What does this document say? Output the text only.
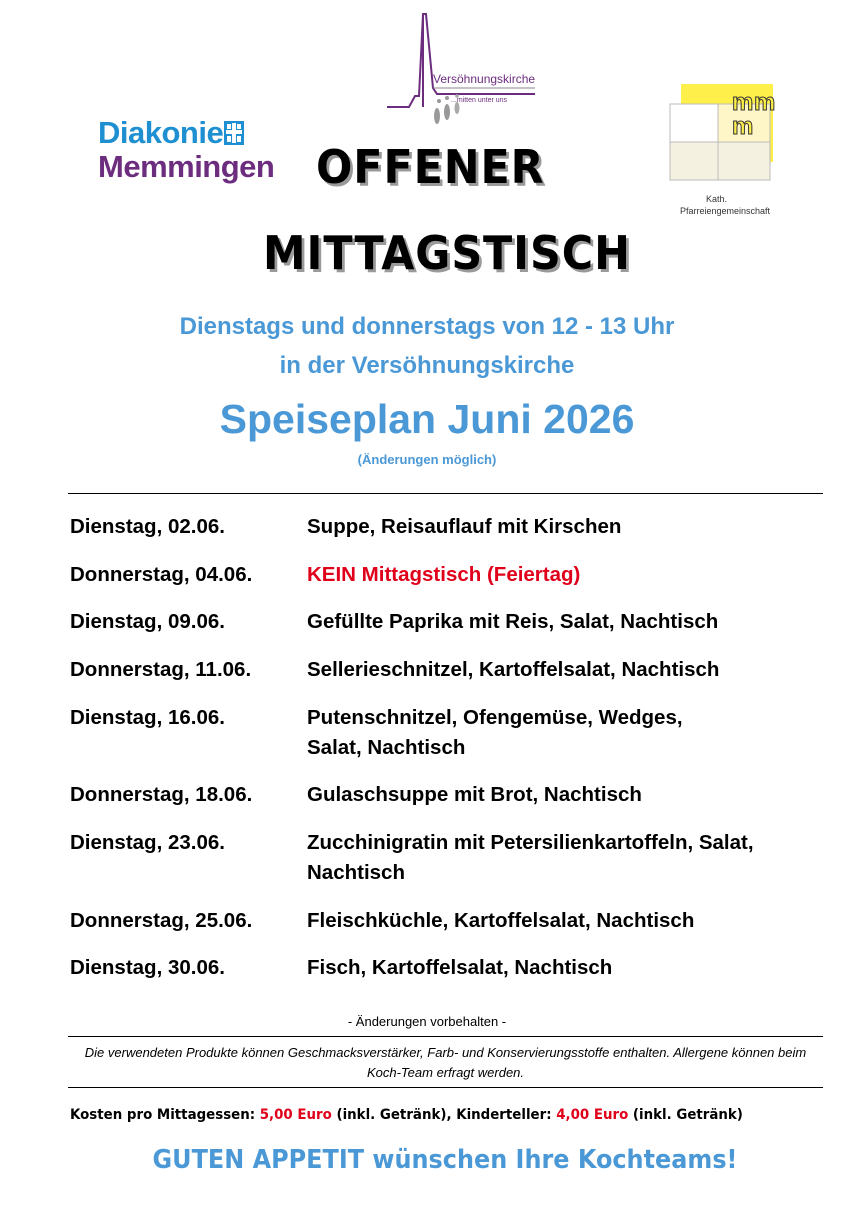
Diakonie
Memmingen
Versöhnungskirche
...mitten unter uns	m m
m
Kath.
Pfarreiengemeinschaft
OFFENER
MITTAGSTISCH
Dienstags und donnerstags von 12 - 13 Uhr
in der Versöhnungskirche
Speiseplan Juni 2026
(Änderungen möglich)
Dienstag, 02.06.	Suppe, Reisauflauf mit Kirschen
Donnerstag, 04.06.	KEIN Mittagstisch (Feiertag)
Dienstag, 09.06.	Gefüllte Paprika mit Reis, Salat, Nachtisch
Donnerstag, 11.06.	Sellerieschnitzel, Kartoffelsalat, Nachtisch
Dienstag, 16.06.	Putenschnitzel, Ofengemüse, Wedges, Salat, Nachtisch
Donnerstag, 18.06.	Gulaschsuppe mit Brot, Nachtisch
Dienstag, 23.06.	Zucchinigratin mit Petersilienkartoffeln, Salat, Nachtisch
Donnerstag, 25.06.	Fleischküchle, Kartoffelsalat, Nachtisch
Dienstag, 30.06.	Fisch, Kartoffelsalat, Nachtisch
- Änderungen vorbehalten -
Die verwendeten Produkte können Geschmacksverstärker, Farb- und Konservierungsstoffe enthalten. Allergene können beim Koch-Team erfragt werden.
Kosten pro Mittagessen: 5,00 Euro (inkl. Getränk), Kinderteller: 4,00 Euro (inkl. Getränk)
GUTEN APPETIT wünschen Ihre Kochteams!
